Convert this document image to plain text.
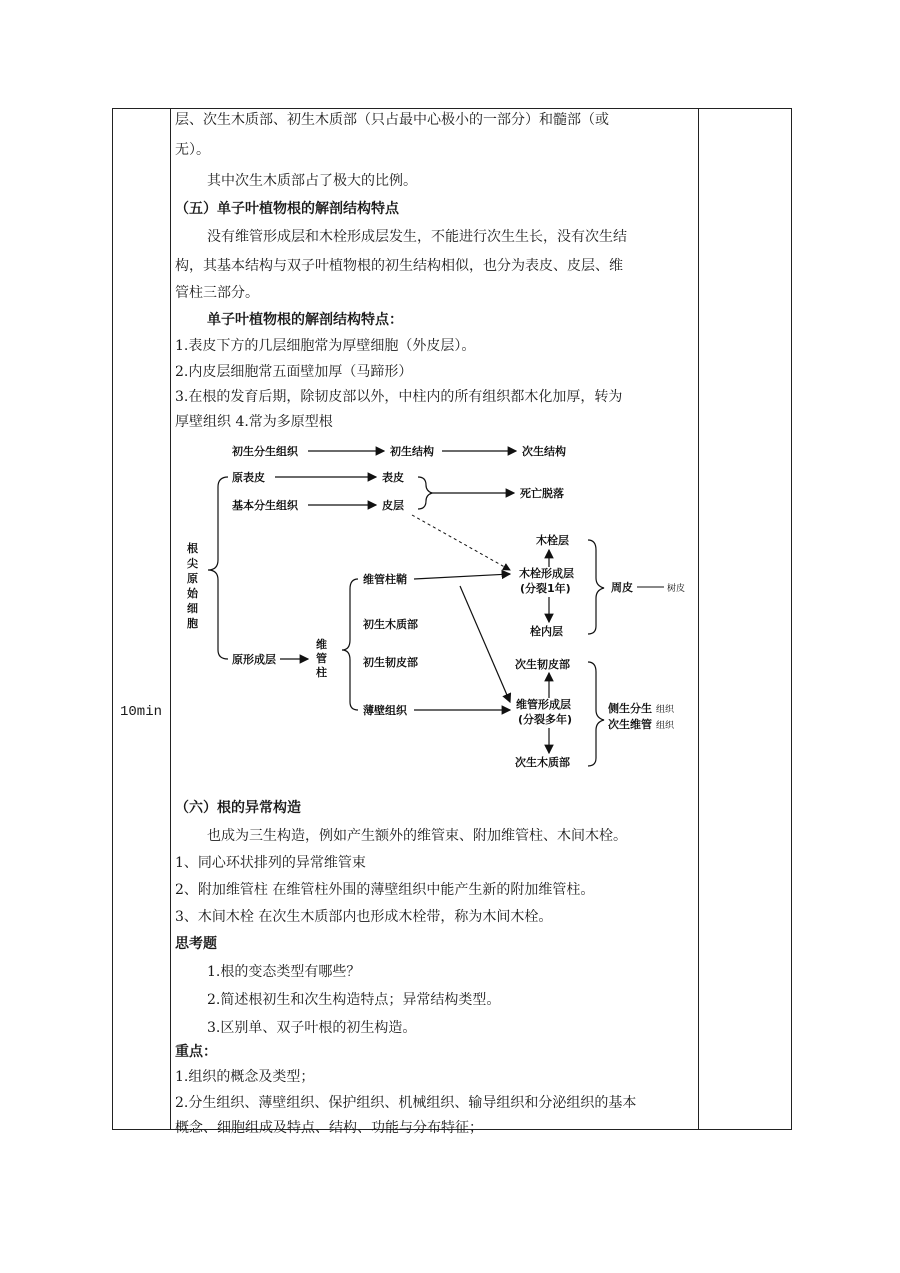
10min
层、次生木质部、初生木质部（只占最中心极小的一部分）和髓部（或
无）。
其中次生木质部占了极大的比例。
（五）单子叶植物根的解剖结构特点
没有维管形成层和木栓形成层发生，不能进行次生生长，没有次生结
构，其基本结构与双子叶植物根的初生结构相似，也分为表皮、皮层、维
管柱三部分。
单子叶植物根的解剖结构特点：
1.表皮下方的几层细胞常为厚壁细胞（外皮层）。
2.内皮层细胞常五面壁加厚（马蹄形）
3.在根的发育后期，除韧皮部以外，中柱内的所有组织都木化加厚，转为
厚壁组织 4.常为多原型根
（六）根的异常构造
也成为三生构造，例如产生额外的维管束、附加维管柱、木间木栓。
1、同心环状排列的异常维管束
2、附加维管柱 在维管柱外围的薄壁组织中能产生新的附加维管柱。
3、木间木栓 在次生木质部内也形成木栓带，称为木间木栓。
思考题
1.根的变态类型有哪些？
2.简述根初生和次生构造特点；异常结构类型。
3.区别单、双子叶根的初生构造。
重点：
1.组织的概念及类型；
2.分生组织、薄壁组织、保护组织、机械组织、输导组织和分泌组织的基本
概念、细胞组成及特点、结构、功能与分布特征；
初生分生组织	初生结构	次生结构
原表皮	表皮
基本分生组织	皮层
死亡脱落
原形成层
维管柱鞘
初生木质部
初生韧皮部
薄壁组织
木栓层
木栓形成层
(分裂1年)
栓内层
周皮	树皮
次生韧皮部
维管形成层
(分裂多年)
次生木质部
侧生分生 组织
次生维管 组织
维
管
柱
根
尖
原
始
细
胞
